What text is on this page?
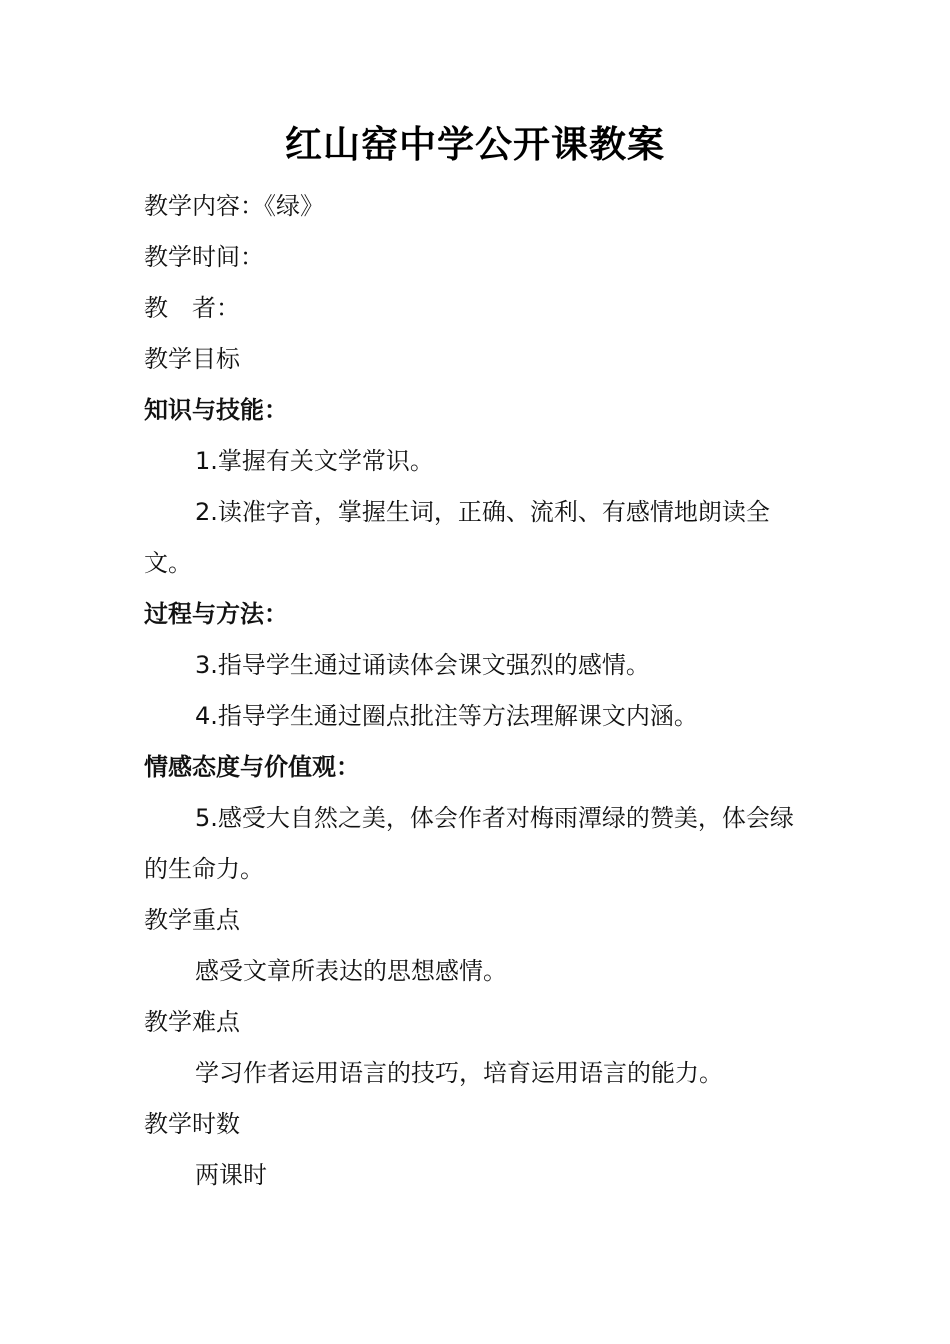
红山窑中学公开课教案

教学内容：《绿》

教学时间：

教　者：

教学目标

知识与技能：

1.掌握有关文学常识。

2.读准字音，掌握生词，正确、流利、有感情地朗读全文。

过程与方法：

3.指导学生通过诵读体会课文强烈的感情。

4.指导学生通过圈点批注等方法理解课文内涵。

情感态度与价值观：

5.感受大自然之美，体会作者对梅雨潭绿的赞美，体会绿的生命力。

教学重点

感受文章所表达的思想感情。

教学难点

学习作者运用语言的技巧，培育运用语言的能力。

教学时数

两课时
